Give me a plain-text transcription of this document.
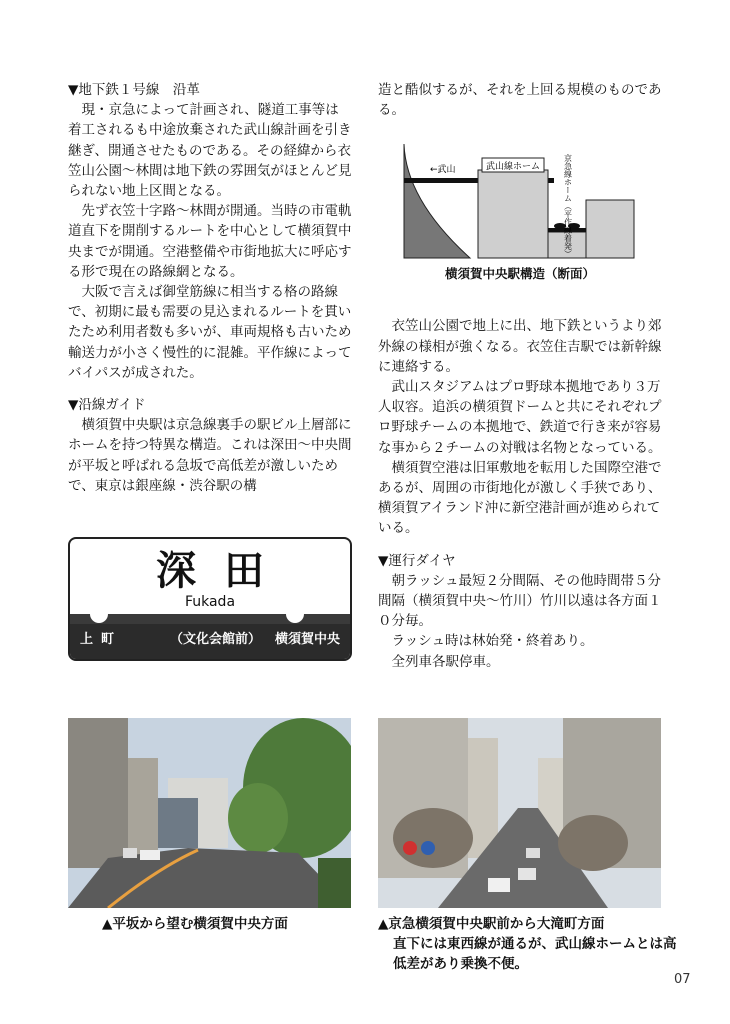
▼地下鉄１号線　沿革

現・京急によって計画され、隧道工事等は着工されるも中途放棄された武山線計画を引き継ぎ、開通させたものである。その経緯から衣笠山公園～林間は地下鉄の雰囲気がほとんど見られない地上区間となる。

先ず衣笠十字路～林間が開通。当時の市電軌道直下を開削するルートを中心として横須賀中央までが開通。空港整備や市街地拡大に呼応する形で現在の路線網となる。

大阪で言えば御堂筋線に相当する格の路線で、初期に最も需要の見込まれるルートを貫いたため利用者数も多いが、車両規格も古いため輸送力が小さく慢性的に混雑。平作線によってバイパスが成された。

▼沿線ガイド

横須賀中央駅は京急線裏手の駅ビル上層部にホームを持つ特異な構造。これは深田～中央間が平坂と呼ばれる急坂で高低差が激しいためで、東京は銀座線・渋谷駅の構

深田
Fukada
上町	（文化会館前） 横須賀中央

造と酷似するが、それを上回る規模のものである。

衣笠山公園で地上に出、地下鉄というより郊外線の様相が強くなる。衣笠住吉駅では新幹線に連絡する。

武山スタジアムはプロ野球本拠地であり３万人収容。追浜の横須賀ドームと共にそれぞれプロ野球チームの本拠地で、鉄道で行き来が容易な事から２チームの対戦は名物となっている。

横須賀空港は旧軍敷地を転用した国際空港であるが、周囲の市街地化が激しく手狭であり、横須賀アイランド沖に新空港計画が進められている。

▼運行ダイヤ

朝ラッシュ最短２分間隔、その他時間帯５分間隔（横須賀中央～竹川）竹川以遠は各方面１０分毎。

ラッシュ時は林始発・終着あり。

全列車各駅停車。

武山線ホーム
←武山	京急線ホーム（平作線着発）
横須賀中央駅構造（断面）
▲平坂から望む横須賀中央方面	▲京急横須賀中央駅前から大滝町方面
直下には東西線が通るが、武山線ホームとは高低差があり乗換不便。
07
